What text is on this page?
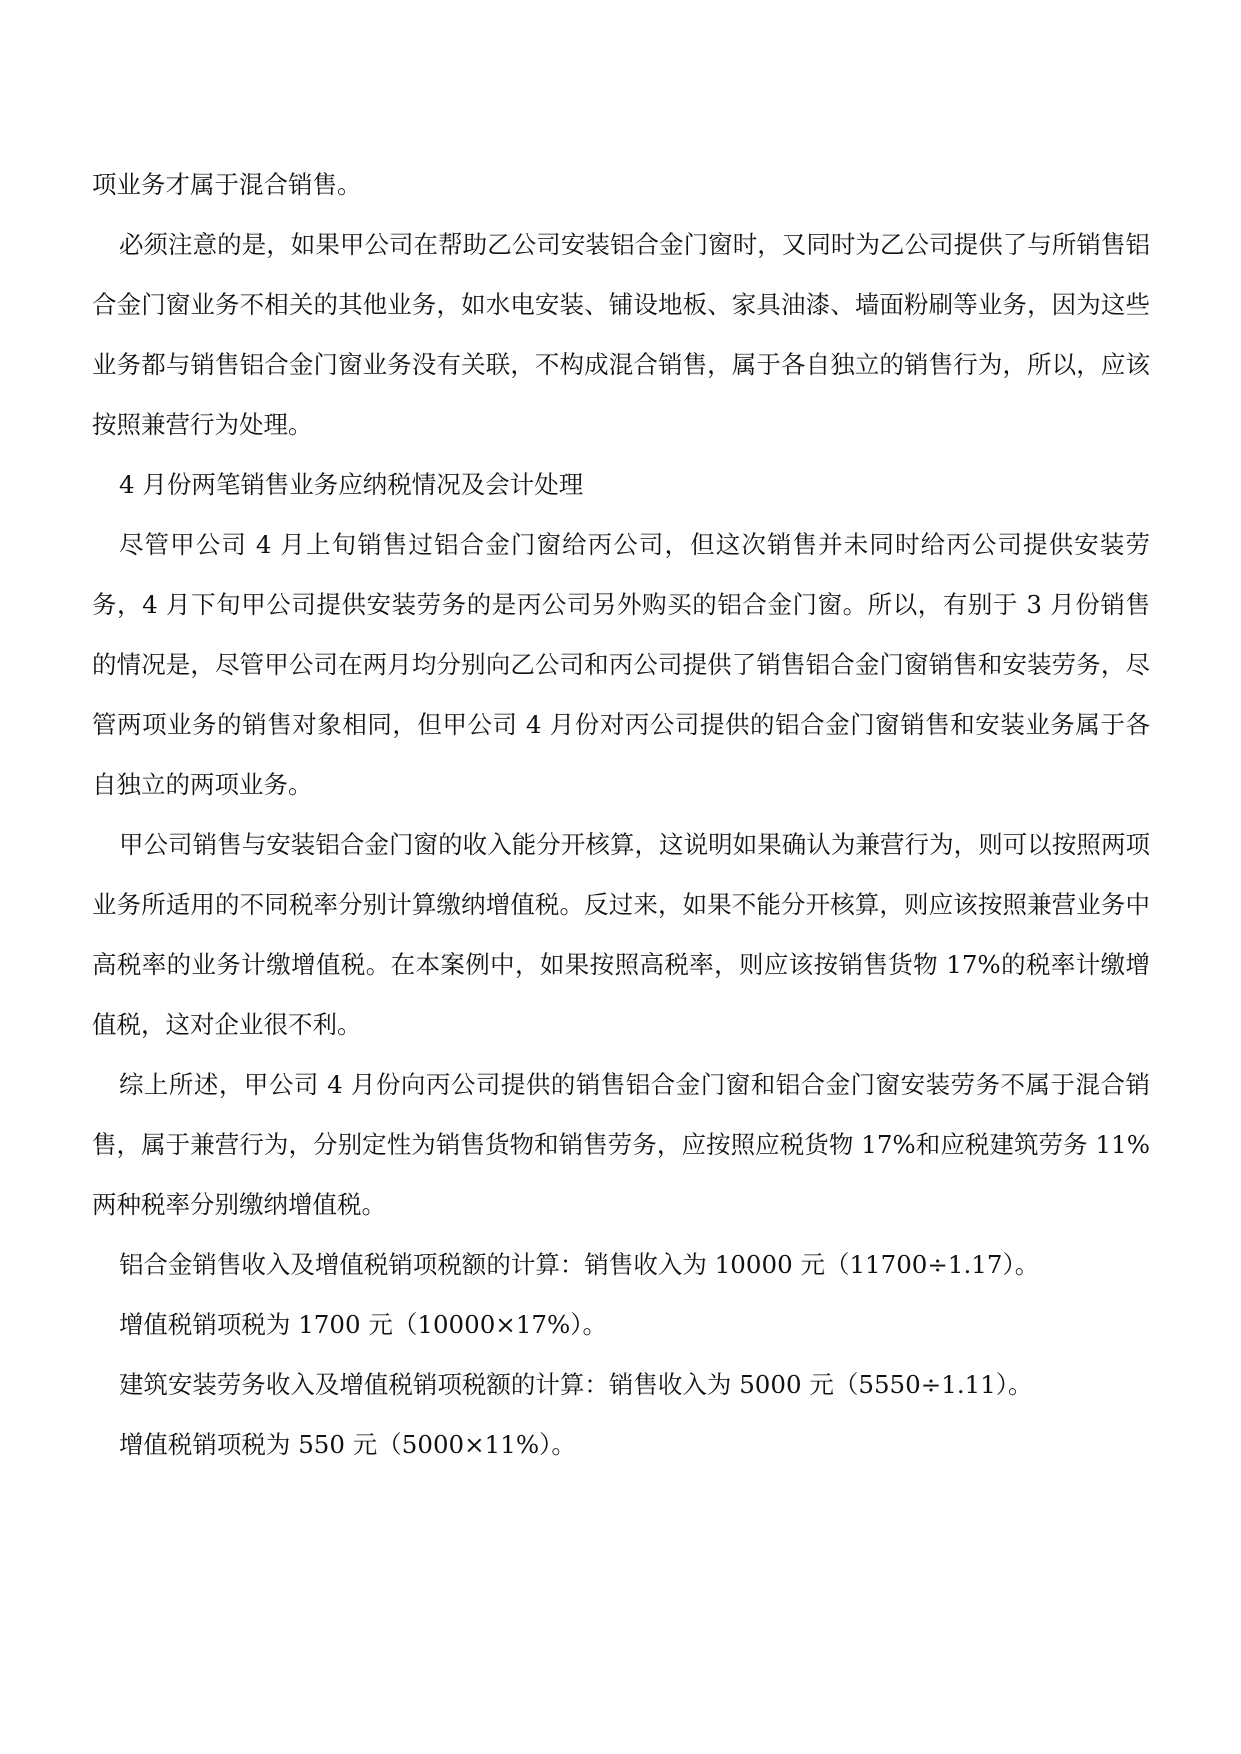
项业务才属于混合销售。

必须注意的是，如果甲公司在帮助乙公司安装铝合金门窗时，又同时为乙公司提供了与所销售铝合金门窗业务不相关的其他业务，如水电安装、铺设地板、家具油漆、墙面粉刷等业务，因为这些业务都与销售铝合金门窗业务没有关联，不构成混合销售，属于各自独立的销售行为，所以，应该按照兼营行为处理。

4 月份两笔销售业务应纳税情况及会计处理

尽管甲公司 4 月上旬销售过铝合金门窗给丙公司，但这次销售并未同时给丙公司提供安装劳务，4 月下旬甲公司提供安装劳务的是丙公司另外购买的铝合金门窗。所以，有别于 3 月份销售的情况是，尽管甲公司在两月均分别向乙公司和丙公司提供了销售铝合金门窗销售和安装劳务，尽管两项业务的销售对象相同，但甲公司 4 月份对丙公司提供的铝合金门窗销售和安装业务属于各自独立的两项业务。

甲公司销售与安装铝合金门窗的收入能分开核算，这说明如果确认为兼营行为，则可以按照两项业务所适用的不同税率分别计算缴纳增值税。反过来，如果不能分开核算，则应该按照兼营业务中高税率的业务计缴增值税。在本案例中，如果按照高税率，则应该按销售货物 17%的税率计缴增值税，这对企业很不利。

综上所述，甲公司 4 月份向丙公司提供的销售铝合金门窗和铝合金门窗安装劳务不属于混合销售，属于兼营行为，分别定性为销售货物和销售劳务，应按照应税货物 17%和应税建筑劳务 11%两种税率分别缴纳增值税。

铝合金销售收入及增值税销项税额的计算：销售收入为 10000 元（11700÷1.17）。

增值税销项税为 1700 元（10000×17%）。

建筑安装劳务收入及增值税销项税额的计算：销售收入为 5000 元（5550÷1.11）。

增值税销项税为 550 元（5000×11%）。
